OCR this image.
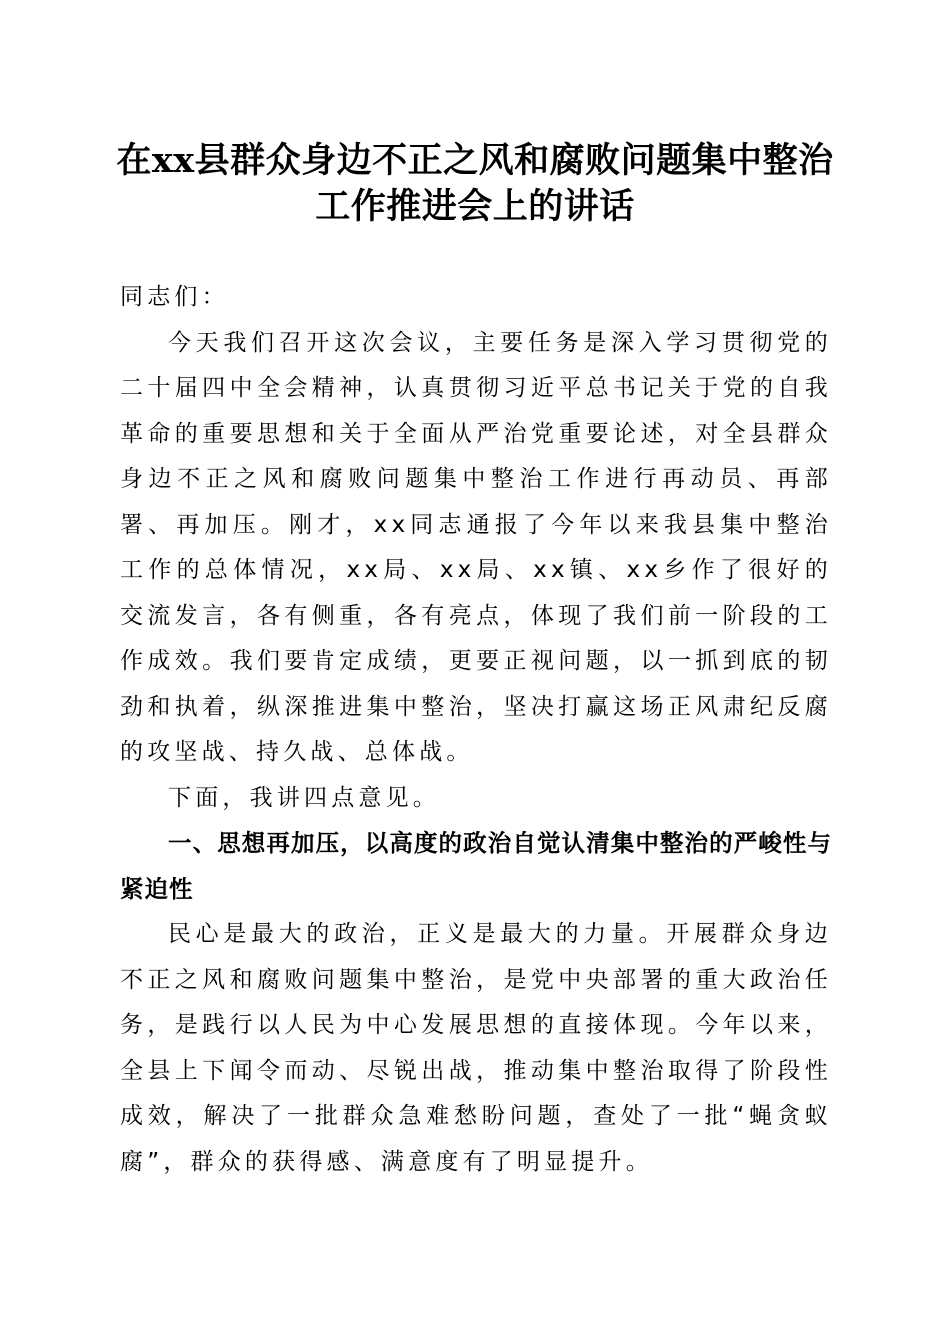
在xx县群众身边不正之风和腐败问题集中整治工作推进会上的讲话

同志们：

今天我们召开这次会议，主要任务是深入学习贯彻党的二十届四中全会精神，认真贯彻习近平总书记关于党的自我革命的重要思想和关于全面从严治党重要论述，对全县群众身边不正之风和腐败问题集中整治工作进行再动员、再部署、再加压。刚才，xx同志通报了今年以来我县集中整治工作的总体情况，xx局、xx局、xx镇、xx乡作了很好的交流发言，各有侧重，各有亮点，体现了我们前一阶段的工作成效。我们要肯定成绩，更要正视问题，以一抓到底的韧劲和执着，纵深推进集中整治，坚决打赢这场正风肃纪反腐的攻坚战、持久战、总体战。

下面，我讲四点意见。

一、思想再加压，以高度的政治自觉认清集中整治的严峻性与紧迫性

民心是最大的政治，正义是最大的力量。开展群众身边不正之风和腐败问题集中整治，是党中央部署的重大政治任务，是践行以人民为中心发展思想的直接体现。今年以来，全县上下闻令而动、尽锐出战，推动集中整治取得了阶段性成效，解决了一批群众急难愁盼问题，查处了一批“蝇贪蚁腐”，群众的获得感、满意度有了明显提升。
